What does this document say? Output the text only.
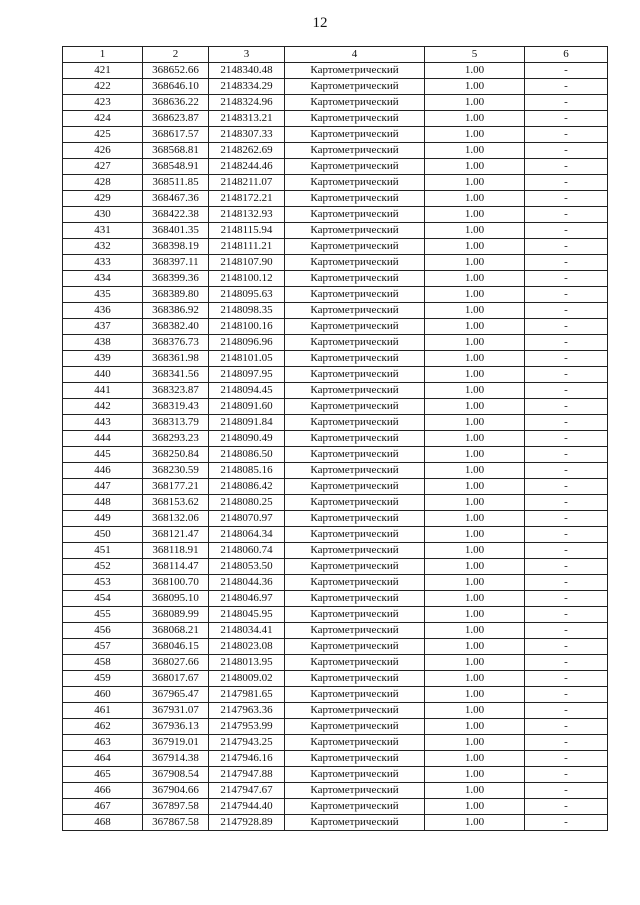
12
1	2	3	4	5	6
421	368652.66	2148340.48	Картометрический	1.00	-
422	368646.10	2148334.29	Картометрический	1.00	-
423	368636.22	2148324.96	Картометрический	1.00	-
424	368623.87	2148313.21	Картометрический	1.00	-
425	368617.57	2148307.33	Картометрический	1.00	-
426	368568.81	2148262.69	Картометрический	1.00	-
427	368548.91	2148244.46	Картометрический	1.00	-
428	368511.85	2148211.07	Картометрический	1.00	-
429	368467.36	2148172.21	Картометрический	1.00	-
430	368422.38	2148132.93	Картометрический	1.00	-
431	368401.35	2148115.94	Картометрический	1.00	-
432	368398.19	2148111.21	Картометрический	1.00	-
433	368397.11	2148107.90	Картометрический	1.00	-
434	368399.36	2148100.12	Картометрический	1.00	-
435	368389.80	2148095.63	Картометрический	1.00	-
436	368386.92	2148098.35	Картометрический	1.00	-
437	368382.40	2148100.16	Картометрический	1.00	-
438	368376.73	2148096.96	Картометрический	1.00	-
439	368361.98	2148101.05	Картометрический	1.00	-
440	368341.56	2148097.95	Картометрический	1.00	-
441	368323.87	2148094.45	Картометрический	1.00	-
442	368319.43	2148091.60	Картометрический	1.00	-
443	368313.79	2148091.84	Картометрический	1.00	-
444	368293.23	2148090.49	Картометрический	1.00	-
445	368250.84	2148086.50	Картометрический	1.00	-
446	368230.59	2148085.16	Картометрический	1.00	-
447	368177.21	2148086.42	Картометрический	1.00	-
448	368153.62	2148080.25	Картометрический	1.00	-
449	368132.06	2148070.97	Картометрический	1.00	-
450	368121.47	2148064.34	Картометрический	1.00	-
451	368118.91	2148060.74	Картометрический	1.00	-
452	368114.47	2148053.50	Картометрический	1.00	-
453	368100.70	2148044.36	Картометрический	1.00	-
454	368095.10	2148046.97	Картометрический	1.00	-
455	368089.99	2148045.95	Картометрический	1.00	-
456	368068.21	2148034.41	Картометрический	1.00	-
457	368046.15	2148023.08	Картометрический	1.00	-
458	368027.66	2148013.95	Картометрический	1.00	-
459	368017.67	2148009.02	Картометрический	1.00	-
460	367965.47	2147981.65	Картометрический	1.00	-
461	367931.07	2147963.36	Картометрический	1.00	-
462	367936.13	2147953.99	Картометрический	1.00	-
463	367919.01	2147943.25	Картометрический	1.00	-
464	367914.38	2147946.16	Картометрический	1.00	-
465	367908.54	2147947.88	Картометрический	1.00	-
466	367904.66	2147947.67	Картометрический	1.00	-
467	367897.58	2147944.40	Картометрический	1.00	-
468	367867.58	2147928.89	Картометрический	1.00	-
